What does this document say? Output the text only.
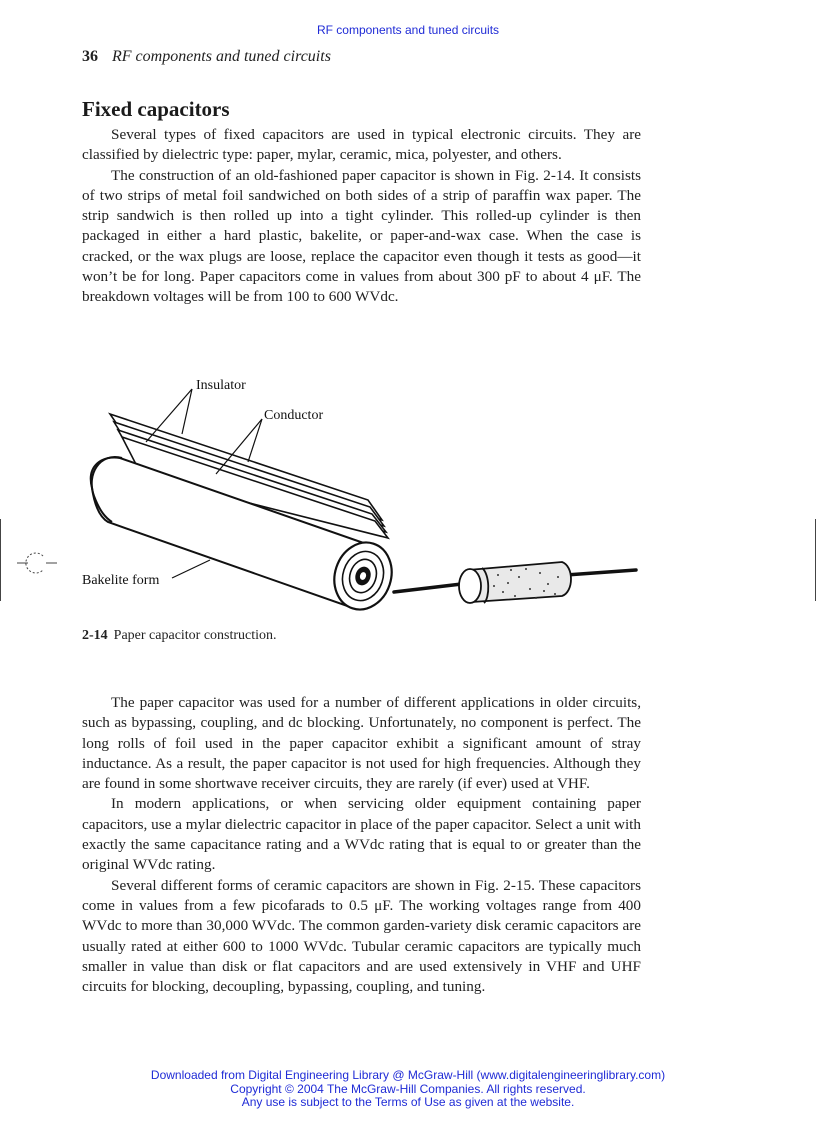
RF components and tuned circuits
36 RF components and tuned circuits
Fixed capacitors

Several types of fixed capacitors are used in typical electronic circuits. They are classified by dielectric type: paper, mylar, ceramic, mica, polyester, and others.

The construction of an old-fashioned paper capacitor is shown in Fig. 2-14. It consists of two strips of metal foil sandwiched on both sides of a strip of paraffin wax paper. The strip sandwich is then rolled up into a tight cylinder. This rolled-up cylinder is then packaged in either a hard plastic, bakelite, or paper-and-wax case. When the case is cracked, or the wax plugs are loose, replace the capacitor even though it tests as good—it won’t be for long. Paper capacitors come in values from about 300 pF to about 4 μF. The breakdown voltages will be from 100 to 600 WVdc.

Insulator
Conductor
Bakelite form
2-14 Paper capacitor construction.

The paper capacitor was used for a number of different applications in older circuits, such as bypassing, coupling, and dc blocking. Unfortunately, no component is perfect. The long rolls of foil used in the paper capacitor exhibit a significant amount of stray inductance. As a result, the paper capacitor is not used for high frequencies. Although they are found in some shortwave receiver circuits, they are rarely (if ever) used at VHF.

In modern applications, or when servicing older equipment containing paper capacitors, use a mylar dielectric capacitor in place of the paper capacitor. Select a unit with exactly the same capacitance rating and a WVdc rating that is equal to or greater than the original WVdc rating.

Several different forms of ceramic capacitors are shown in Fig. 2-15. These capacitors come in values from a few picofarads to 0.5 μF. The working voltages range from 400 WVdc to more than 30,000 WVdc. The common garden-variety disk ceramic capacitors are usually rated at either 600 to 1000 WVdc. Tubular ceramic capacitors are typically much smaller in value than disk or flat capacitors and are used extensively in VHF and UHF circuits for blocking, decoupling, bypassing, coupling, and tuning.

Downloaded from Digital Engineering Library @ McGraw-Hill (www.digitalengineeringlibrary.com)
Copyright © 2004 The McGraw-Hill Companies. All rights reserved.
Any use is subject to the Terms of Use as given at the website.
